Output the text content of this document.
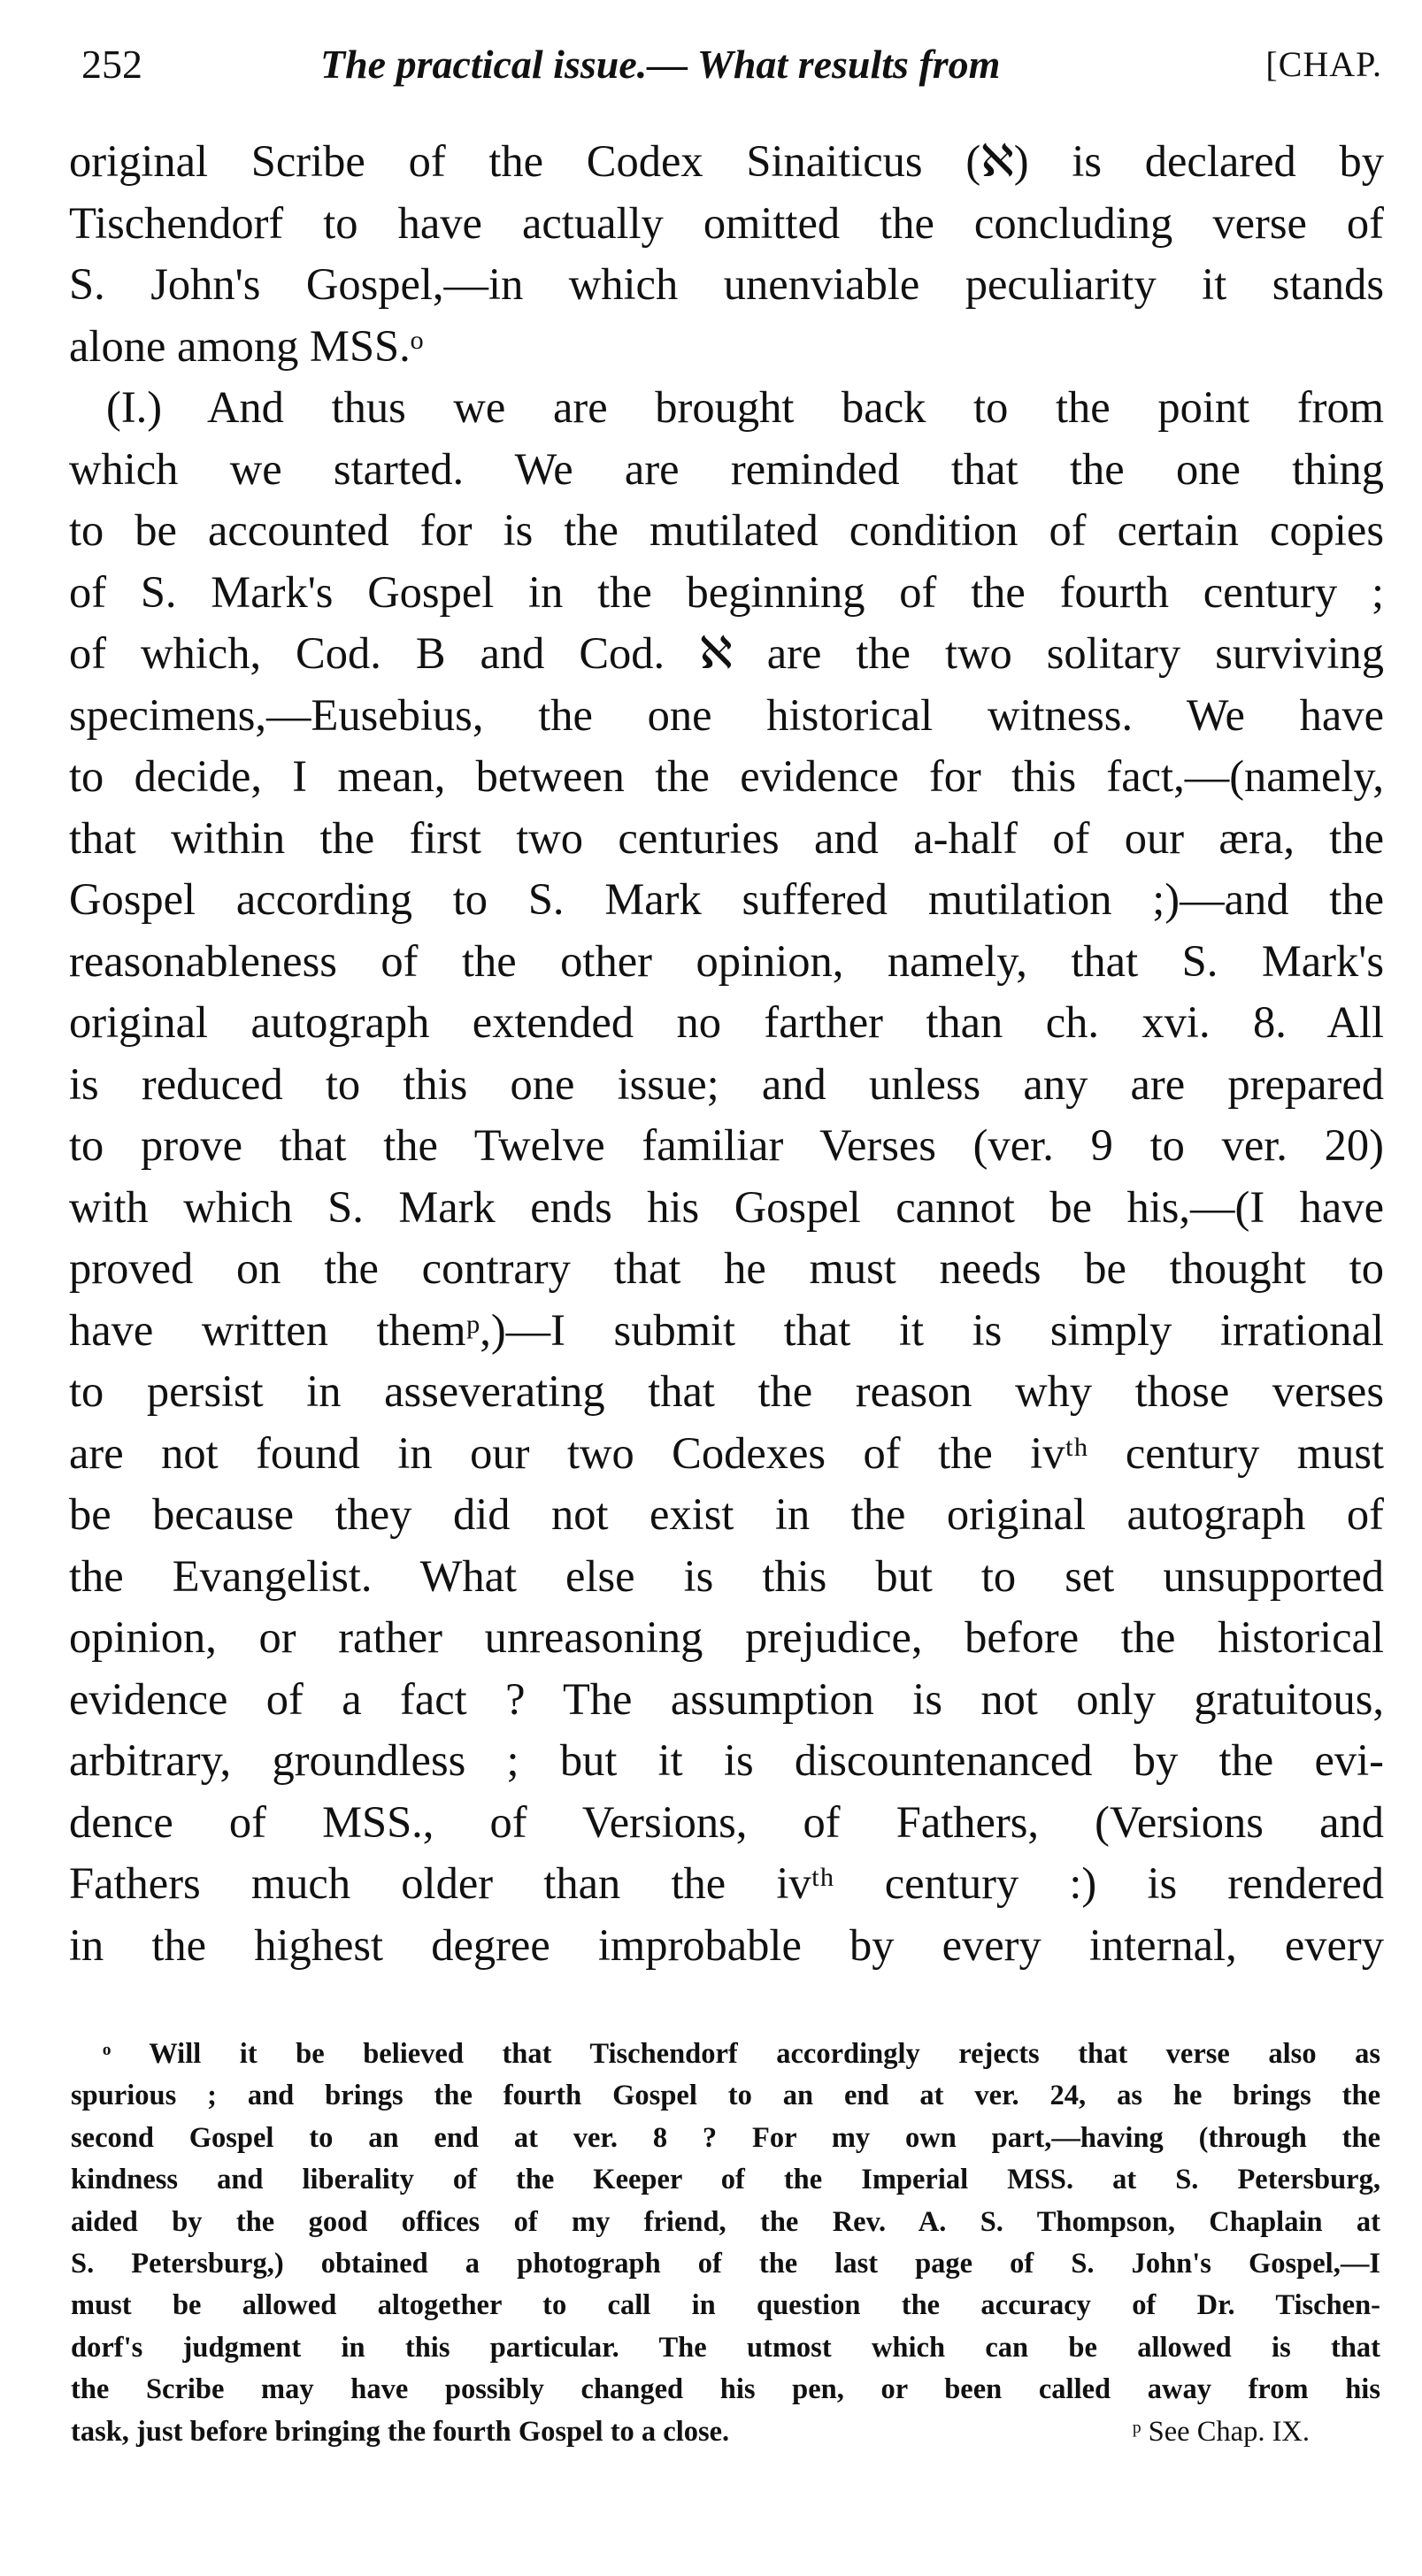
252	The practical issue.— What results from	[CHAP.
original Scribe of the Codex Sinaiticus (ℵ) is declared by
Tischendorf to have actually omitted the concluding verse of
S. John's Gospel,—in which unenviable peculiarity it stands
alone among MSS.ᵒ
(I.) And thus we are brought back to the point from
which we started. We are reminded that the one thing
to be accounted for is the mutilated condition of certain copies
of S. Mark's Gospel in the beginning of the fourth century ;
of which, Cod. B and Cod. ℵ are the two solitary surviving
specimens,—Eusebius, the one historical witness. We have
to decide, I mean, between the evidence for this fact,—(namely,
that within the first two centuries and a-half of our æra, the
Gospel according to S. Mark suffered mutilation ;)—and the
reasonableness of the other opinion, namely, that S. Mark's
original autograph extended no farther than ch. xvi. 8. All
is reduced to this one issue; and unless any are prepared
to prove that the Twelve familiar Verses (ver. 9 to ver. 20)
with which S. Mark ends his Gospel cannot be his,—(I have
proved on the contrary that he must needs be thought to
have written themᵖ,)—I submit that it is simply irrational
to persist in asseverating that the reason why those verses
are not found in our two Codexes of the ivᵗʰ century must
be because they did not exist in the original autograph of
the Evangelist. What else is this but to set unsupported
opinion, or rather unreasoning prejudice, before the historical
evidence of a fact ? The assumption is not only gratuitous,
arbitrary, groundless ; but it is discountenanced by the evi-
dence of MSS., of Versions, of Fathers, (Versions and
Fathers much older than the ivᵗʰ century :) is rendered
in the highest degree improbable by every internal, every
ᵒ Will it be believed that Tischendorf accordingly rejects that verse also as
spurious ; and brings the fourth Gospel to an end at ver. 24, as he brings the
second Gospel to an end at ver. 8 ? For my own part,—having (through the
kindness and liberality of the Keeper of the Imperial MSS. at S. Petersburg,
aided by the good offices of my friend, the Rev. A. S. Thompson, Chaplain at
S. Petersburg,) obtained a photograph of the last page of S. John's Gospel,—I
must be allowed altogether to call in question the accuracy of Dr. Tischen-
dorf's judgment in this particular. The utmost which can be allowed is that
the Scribe may have possibly changed his pen, or been called away from his
task, just before bringing the fourth Gospel to a close.	ᵖ See Chap. IX.
